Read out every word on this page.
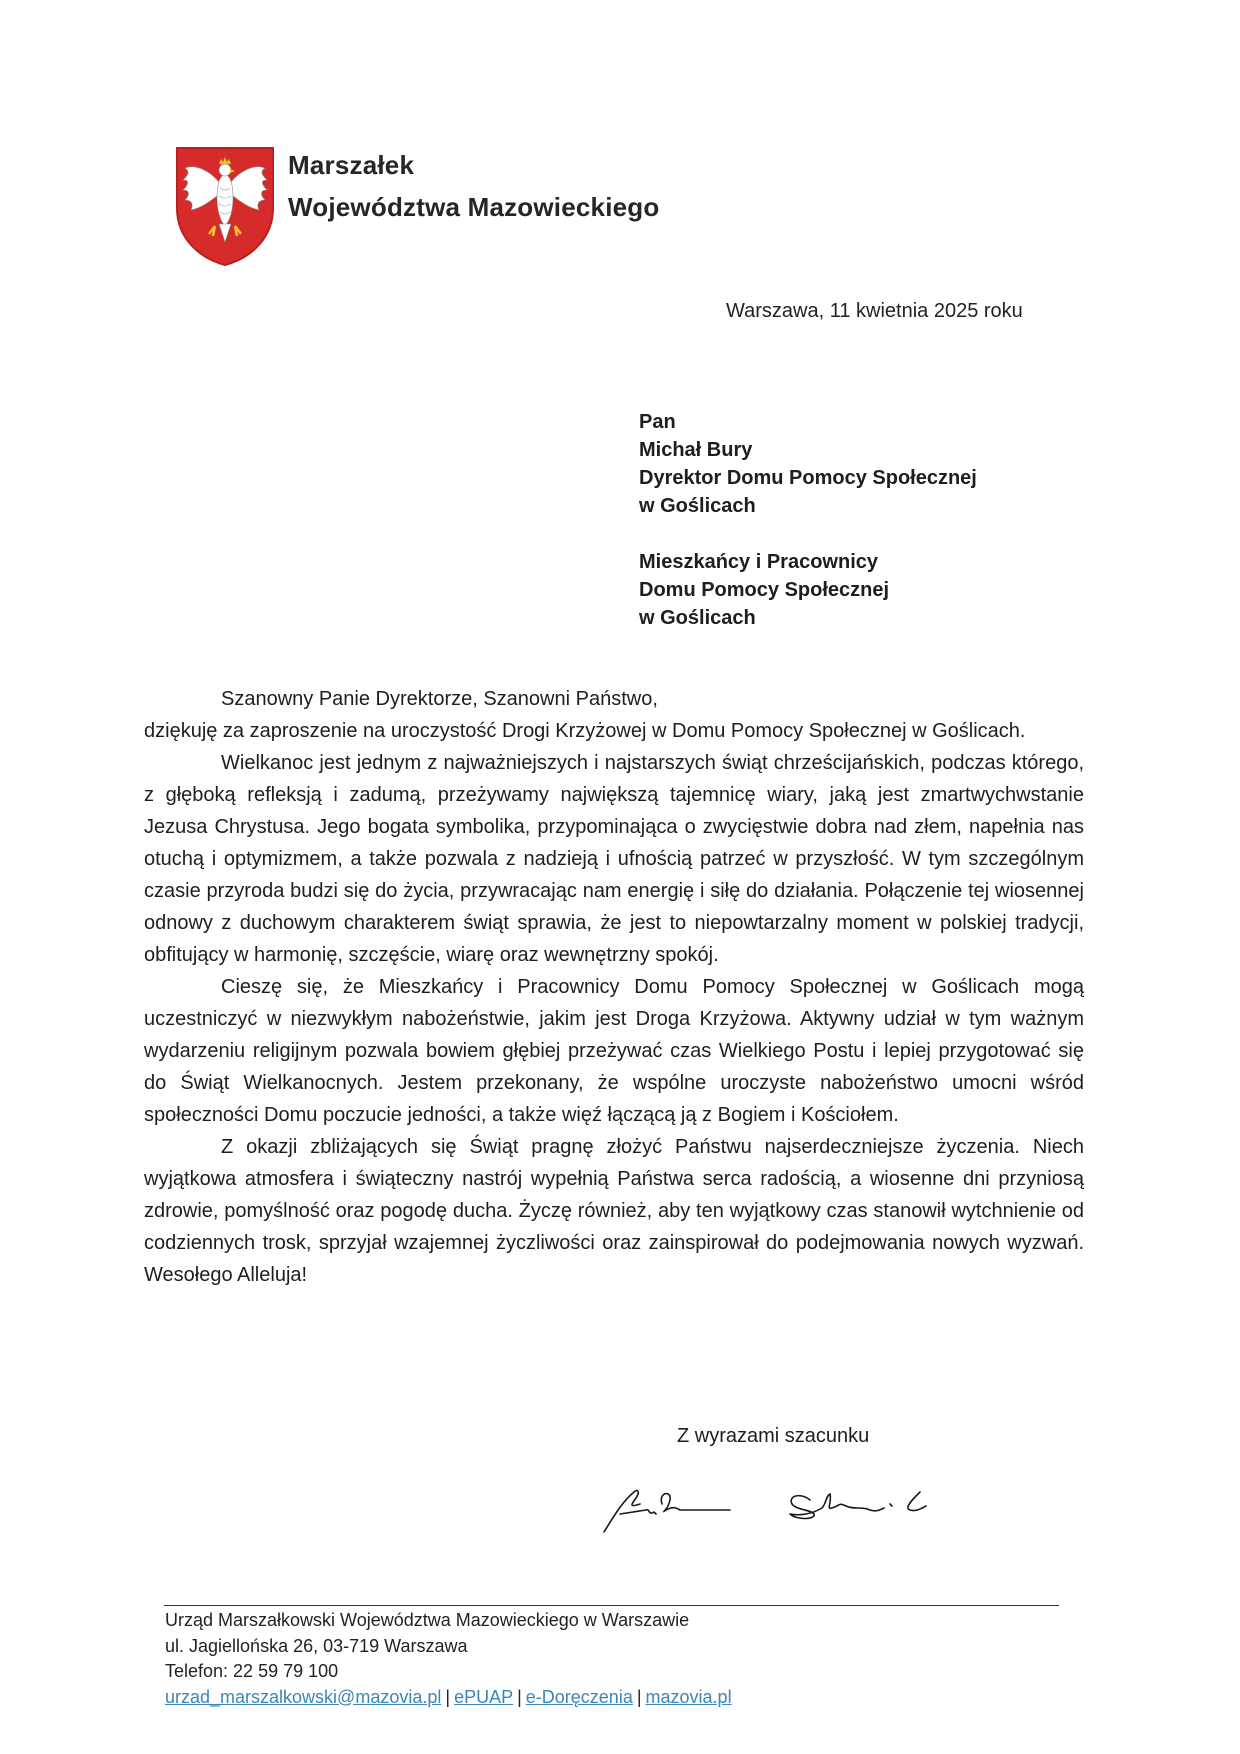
Marszałek
Województwa Mazowieckiego
Warszawa, 11 kwietnia 2025 roku
Pan
Michał Bury
Dyrektor Domu Pomocy Społecznej
w Goślicach
Mieszkańcy i Pracownicy
Domu Pomocy Społecznej
w Goślicach

Szanowny Panie Dyrektorze, Szanowni Państwo,

dziękuję za zaproszenie na uroczystość Drogi Krzyżowej w Domu Pomocy Społecznej w Goślicach.

Wielkanoc jest jednym z najważniejszych i najstarszych świąt chrześcijańskich, podczas którego, z głęboką refleksją i zadumą, przeżywamy największą tajemnicę wiary, jaką jest zmartwychwstanie Jezusa Chrystusa. Jego bogata symbolika, przypominająca o zwycięstwie dobra nad złem, napełnia nas otuchą i optymizmem, a także pozwala z nadzieją i ufnością patrzeć w przyszłość. W tym szczególnym czasie przyroda budzi się do życia, przywracając nam energię i siłę do działania. Połączenie tej wiosennej odnowy z duchowym charakterem świąt sprawia, że jest to niepowtarzalny moment w polskiej tradycji, obfitujący w harmonię, szczęście, wiarę oraz wewnętrzny spokój.

Cieszę się, że Mieszkańcy i Pracownicy Domu Pomocy Społecznej w Goślicach mogą uczestniczyć w niezwykłym nabożeństwie, jakim jest Droga Krzyżowa. Aktywny udział w tym ważnym wydarzeniu religijnym pozwala bowiem głębiej przeżywać czas Wielkiego Postu i lepiej przygotować się do Świąt Wielkanocnych. Jestem przekonany, że wspólne uroczyste nabożeństwo umocni wśród społeczności Domu poczucie jedności, a także więź łączącą ją z Bogiem i Kościołem.

Z okazji zbliżających się Świąt pragnę złożyć Państwu najserdeczniejsze życzenia. Niech wyjątkowa atmosfera i świąteczny nastrój wypełnią Państwa serca radością, a wiosenne dni przyniosą zdrowie, pomyślność oraz pogodę ducha. Życzę również, aby ten wyjątkowy czas stanowił wytchnienie od codziennych trosk, sprzyjał wzajemnej życzliwości oraz zainspirował do podejmowania nowych wyzwań. Wesołego Alleluja!

Z wyrazami szacunku
Urząd Marszałkowski Województwa Mazowieckiego w Warszawie
ul. Jagiellońska 26, 03-719 Warszawa
Telefon: 22 59 79 100
urzad_marszalkowski@mazovia.pl | ePUAP | e-Doręczenia | mazovia.pl
